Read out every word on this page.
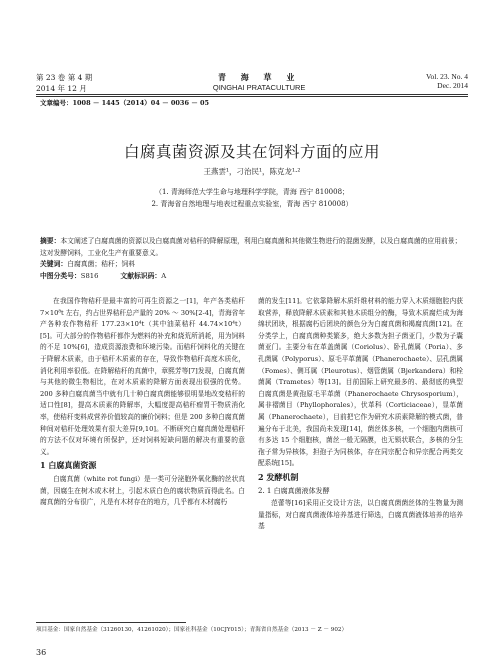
第 23 卷 第 4 期
2014 年 12 月
青 海 草 业
QINGHAI PRATACULTURE
Vol. 23. No. 4
Dec. 2014
文章编号：1008 － 1445（2014）04 － 0036 － 05
白腐真菌资源及其在饲料方面的应用
王燕雲¹，刁治民¹，陈克龙¹·²
（1. 青海师范大学生命与地理科学学院，青海 西宁 810008；
2. 青海省自然地理与地表过程重点实验室，青海 西宁 810008）
摘要：本文阐述了白腐真菌的资源以及白腐真菌对秸秆的降解原理，利用白腐真菌和其他微生物进行的混菌发酵，以及白腐真菌的应用前景；这对发酵饲料，工业化生产有重要意义。
关键词：白腐真菌；秸秆；饲料
中图分类号：S816	文献标识码：A

在我国作物秸秆是最丰富的可再生资源之一[1]，年产各类秸秆 7×10⁸t 左右，约占世界秸秆总产量的 20% ～ 30%[2-4]，青海省年产各种农作物秸秆 177.23×10⁴t（其中油菜秸秆 44.74×10⁴t）[5]。可大部分的作物秸秆都作为燃料的补充和烧荒所消耗，用为饲料的不足 10%[6]，造成资源浪费和环境污染。而秸秆饲料化的关键在于降解木质素，由于秸秆木质素的存在，导致作物秸秆高度木质化，消化利用率很低。在降解秸秆的真菌中，章熙芳等[7]发现，白腐真菌与其他的微生物相比，在对木质素的降解方面表现出很强的优势。200 多种白腐真菌当中就有几十种白腐真菌能够很明显地改变秸秆的适口性[8]，提高木质素的降解率，大幅度提高秸秆瘤胃干物质消化率，使秸秆变料成营养价值较高的廉价饲料；但是 200 多种白腐真菌种间对秸秆处理效果有很大差异[9,10]。不断研究白腐真菌处理秸秆的方法不仅对环境有所保护，还对饲料短缺问题的解决有重要的意义。

1 白腐真菌资源

白腐真菌（white rot fungi）是一类可分泌胞外氧化酶的丝状真菌，因腐生在树木或木材上，引起木质白色的腐状物质而得此名。白腐真菌的分布很广，凡是有木材存在的地方，几乎都有木材腐朽

菌的发生[11]。它依靠降解木质纤维材料的能力穿入木质细胞腔内获取营养，释放降解木质素和其他木质组分的酶，导致木质腐烂成为海绵状团块，根据腐朽后团块的颜色分为白腐真菌和褐腐真菌[12]。在分类学上，白腐真菌种类繁多，绝大多数为担子菌亚门，少数为子囊菌亚门。主要分布在革盖菌属（Coriolus）、卧孔菌属（Poria）、多孔菌属（Polyporus）、原毛平革菌属（Phanerochaete）、层孔菌属（Fomes）、侧耳属（Pleurotus）、烟管菌属（Bjerkandera）和栓菌属（Trametes）等[13]。目前国际上研究最多的、最彻底的典型白腐真菌是黄孢原毛平革菌（Phanerochaete Chrysosporium），属非褶菌目（Phyllophorales），伏革科（Corticiaceae），显革菌属（Phanerochaete），目前把它作为研究木质素降解的模式菌，普遍分布于北美，我国尚未发现[14]，菌丝体多核，一个细胞内菌核可有多达 15 个细胞核，菌丝一般无隔膜，也无锁状联合，多核的分生孢子常为异核体，担孢子为同核体，存在同宗配合和异宗配合两类交配系统[15]。

2 发酵机制
2. 1 白腐真菌液体发酵

范蕾等[16]采用正交设计方法，以白腐真菌菌丝体的生物量为测量指标，对白腐真菌液体培养基进行筛选，白腐真菌液体培养的培养基

项目基金：国家自然基金（31260130，41261020）；国家社科基金（10CJY015）；青海省自然基金（2013 － Z － 902）
36
